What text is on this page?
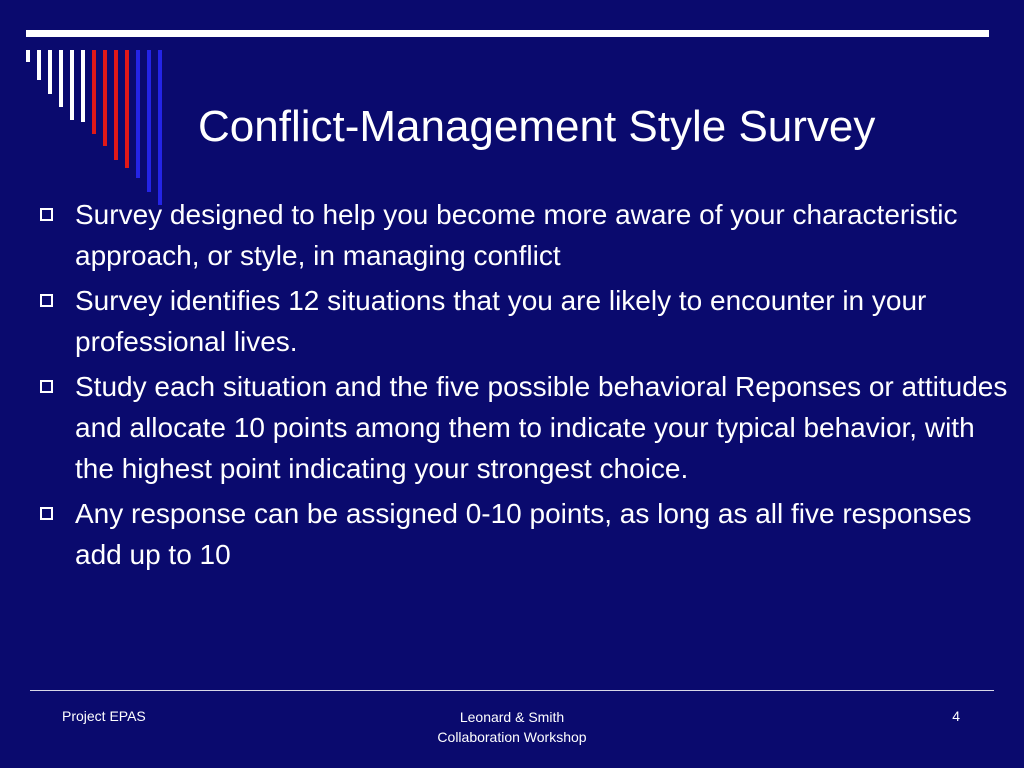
Conflict-Management Style Survey
Survey designed to help you become more aware of your characteristic approach, or style, in managing conflict
Survey identifies 12 situations that you are likely to encounter in your professional lives.
Study each situation and the five possible behavioral Reponses or attitudes and allocate 10 points among them to indicate your typical behavior, with the highest point indicating your strongest choice.
Any response can be assigned 0-10 points, as long as all five responses add up to 10
Project EPAS	Leonard & Smith
Collaboration Workshop
4
